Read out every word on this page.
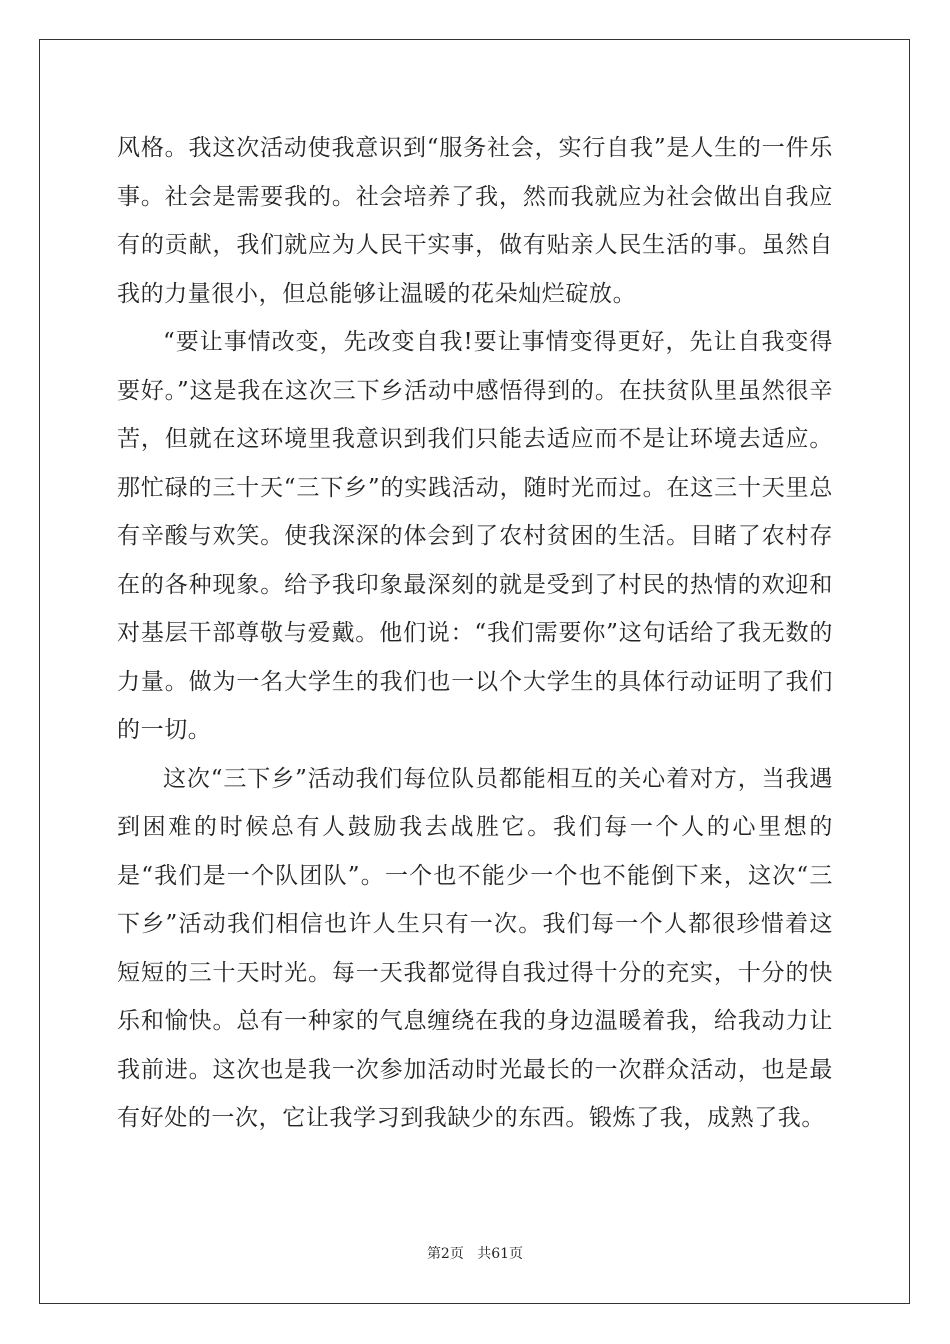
风格。我这次活动使我意识到“服务社会，实行自我”是人生的一件乐事。社会是需要我的。社会培养了我，然而我就应为社会做出自我应有的贡献，我们就应为人民干实事，做有贴亲人民生活的事。虽然自我的力量很小，但总能够让温暖的花朵灿烂碇放。

“要让事情改变，先改变自我!要让事情变得更好，先让自我变得要好。”这是我在这次三下乡活动中感悟得到的。在扶贫队里虽然很辛苦，但就在这环境里我意识到我们只能去适应而不是让环境去适应。那忙碌的三十天“三下乡”的实践活动，随时光而过。在这三十天里总有辛酸与欢笑。使我深深的体会到了农村贫困的生活。目睹了农村存在的各种现象。给予我印象最深刻的就是受到了村民的热情的欢迎和对基层干部尊敬与爱戴。他们说：“我们需要你”这句话给了我无数的力量。做为一名大学生的我们也一以个大学生的具体行动证明了我们的一切。

这次“三下乡”活动我们每位队员都能相互的关心着对方，当我遇到困难的时候总有人鼓励我去战胜它。我们每一个人的心里想的是“我们是一个队团队”。一个也不能少一个也不能倒下来，这次“三下乡”活动我们相信也许人生只有一次。我们每一个人都很珍惜着这短短的三十天时光。每一天我都觉得自我过得十分的充实，十分的快乐和愉快。总有一种家的气息缠绕在我的身边温暖着我，给我动力让我前进。这次也是我一次参加活动时光最长的一次群众活动，也是最有好处的一次，它让我学习到我缺少的东西。锻炼了我，成熟了我。

第2页 共61页
